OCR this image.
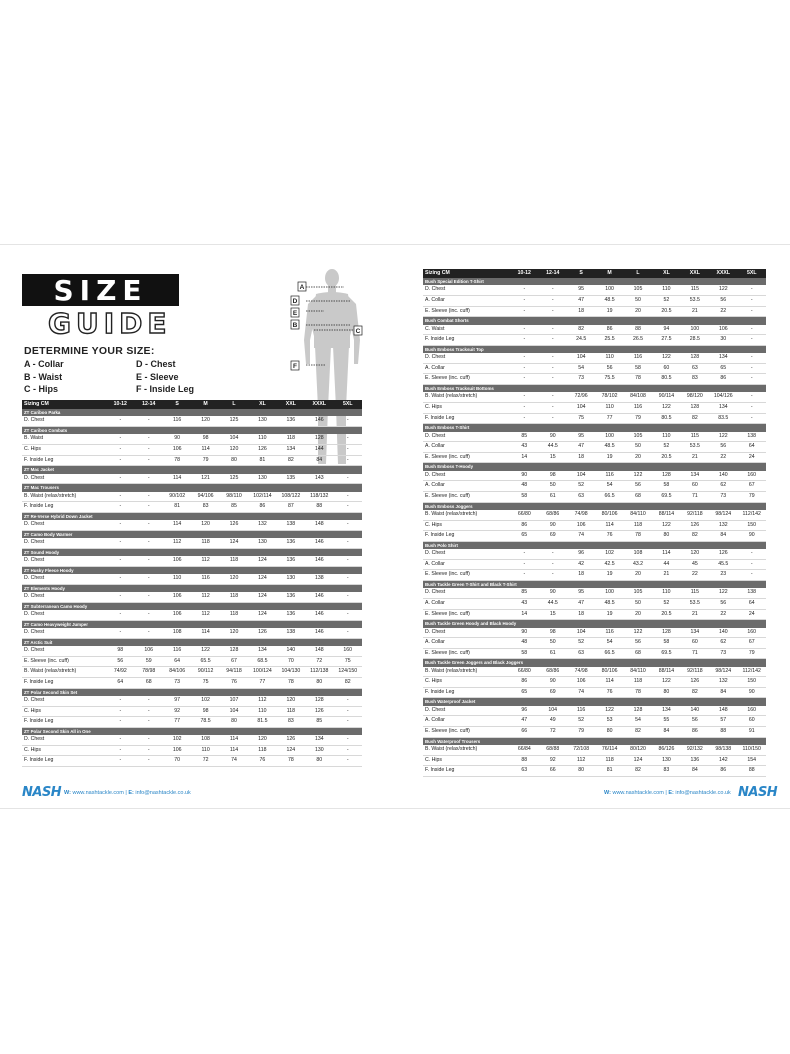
SIZE
GUIDE
DETERMINE YOUR SIZE:
A - Collar
B - Waist
C - Hips
D - Chest
E - Sleeve
F - Inside Leg
A
D
E
B
C
F
Sizing CM	10-12	12-14	S	M	L	XL	XXL	XXXL	5XL
ZT Cariboo Parka									
D. Chest	-	-	116	120	125	130	136	146	-
ZT Cariboo Combats									
B. Waist	-	-	90	98	104	110	118	128	-
C. Hips	-	-	106	114	120	126	134	144	-
F. Inside Leg	-	-	78	79	80	81	82	84	-
ZT Mac Jacket									
D. Chest	-	-	114	121	125	130	135	143	-
ZT Mac Trousers									
B. Waist (relax/stretch)	-	-	90/102	94/106	98/110	102/114	108/122	118/132	-
F. Inside Leg	-	-	81	83	85	86	87	88	-
ZT Re-Verse Hybrid Down Jacket									
D. Chest	-	-	114	120	126	132	138	148	-
ZT Camo Body Warmer									
D. Chest	-	-	112	118	124	130	136	146	-
ZT Sound Hoody									
D. Chest	-	-	106	112	118	124	136	146	-
ZT Husky Fleece Hoody									
D. Chest	-	-	110	116	120	124	130	138	-
ZT Elements Hoody									
D. Chest	-	-	106	112	118	124	136	146	-
ZT Subterranean Camo Hoody									
D. Chest	-	-	106	112	118	124	136	146	-
ZT Camo Heavyweight Jumper									
D. Chest	-	-	108	114	120	126	138	146	-
ZT Arctic Suit									
D. Chest	98	106	116	122	128	134	140	148	160
E. Sleeve (inc. cuff)	56	59	64	65.5	67	68.5	70	72	75
B. Waist (relax/stretch)	74/92	78/98	84/106	90/112	94/118	100/124	104/130	112/138	124/150
F. Inside Leg	64	68	73	75	76	77	78	80	82
ZT Polar Second Skin Set									
D. Chest	-	-	97	102	107	112	120	128	-
C. Hips	-	-	92	98	104	110	118	126	-
F. Inside Leg	-	-	77	78.5	80	81.5	83	85	-
ZT Polar Second Skin All in One									
D. Chest	-	-	102	108	114	120	126	134	-
C. Hips	-	-	106	110	114	118	124	130	-
F. Inside Leg	-	-	70	72	74	76	78	80	-
Sizing CM	10-12	12-14	S	M	L	XL	XXL	XXXL	5XL
Bush Special Edition T-Shirt									
D. Chest	-	-	95	100	105	110	115	122	-
A. Collar	-	-	47	48.5	50	52	53.5	56	-
E. Sleeve (inc. cuff)	-	-	18	19	20	20.5	21	22	-
Bush Combat Shorts									
C. Waist	-	-	82	86	88	94	100	106	-
F. Inside Leg	-	-	24.5	25.5	26.5	27.5	28.5	30	-
Bush Emboss Tracksuit Top									
D. Chest	-	-	104	110	116	122	128	134	-
A. Collar	-	-	54	56	58	60	63	65	-
E. Sleeve (inc. cuff)	-	-	73	75.5	78	80.5	83	86	-
Bush Emboss Tracksuit Bottoms									
B. Waist (relax/stretch)	-	-	72/96	78/102	84/108	90/114	98/120	104/126	-
C. Hips	-	-	104	110	116	122	128	134	-
F. Inside Leg	-	-	75	77	79	80.5	82	83.5	-
Bush Emboss T-Shirt									
D. Chest	85	90	95	100	105	110	115	122	138
A. Collar	43	44.5	47	48.5	50	52	53.5	56	64
E. Sleeve (inc. cuff)	14	15	18	19	20	20.5	21	22	24
Bush Emboss T-Hoody									
D. Chest	90	98	104	116	122	128	134	140	160
A. Collar	48	50	52	54	56	58	60	62	67
E. Sleeve (inc. cuff)	58	61	63	66.5	68	69.5	71	73	79
Bush Emboss Joggers									
B. Waist (relax/stretch)	66/80	68/86	74/98	80/106	84/110	88/114	92/118	98/124	112/142
C. Hips	86	90	106	114	118	122	126	132	150
F. Inside Leg	65	69	74	76	78	80	82	84	90
Bush Polo Shirt									
D. Chest	-	-	96	102	108	114	120	126	-
A. Collar	-	-	42	42.5	43.2	44	45	45.5	-
E. Sleeve (inc. cuff)	-	-	18	19	20	21	22	23	-
Bush Tackle Green T-Shirt and Black T-Shirt									
D. Chest	85	90	95	100	105	110	115	122	138
A. Collar	43	44.5	47	48.5	50	52	53.5	56	64
E. Sleeve (inc. cuff)	14	15	18	19	20	20.5	21	22	24
Bush Tackle Green Hoody and Black Hoody									
D. Chest	90	98	104	116	122	128	134	140	160
A. Collar	48	50	52	54	56	58	60	62	67
E. Sleeve (inc. cuff)	58	61	63	66.5	68	69.5	71	73	79
Bush Tackle Green Joggers and Black Joggers									
B. Waist (relax/stretch)	66/80	68/86	74/98	80/106	84/110	88/114	92/118	98/124	112/142
C. Hips	86	90	106	114	118	122	126	132	150
F. Inside Leg	65	69	74	76	78	80	82	84	90
Bush Waterproof Jacket									
D. Chest	96	104	116	122	128	134	140	148	160
A. Collar	47	49	52	53	54	55	56	57	60
E. Sleeve (inc. cuff)	66	72	79	80	82	84	86	88	91
Bush Waterproof Trousers									
B. Waist (relax/stretch)	66/84	68/88	72/108	76/114	80/120	86/126	92/132	98/138	110/150
C. Hips	88	92	112	118	124	130	136	142	154
F. Inside Leg	63	66	80	81	82	83	84	86	88
NASH W: www.nashtackle.com | E: info@nashtackle.co.uk	W: www.nashtackle.com | E: info@nashtackle.co.uk NASH
